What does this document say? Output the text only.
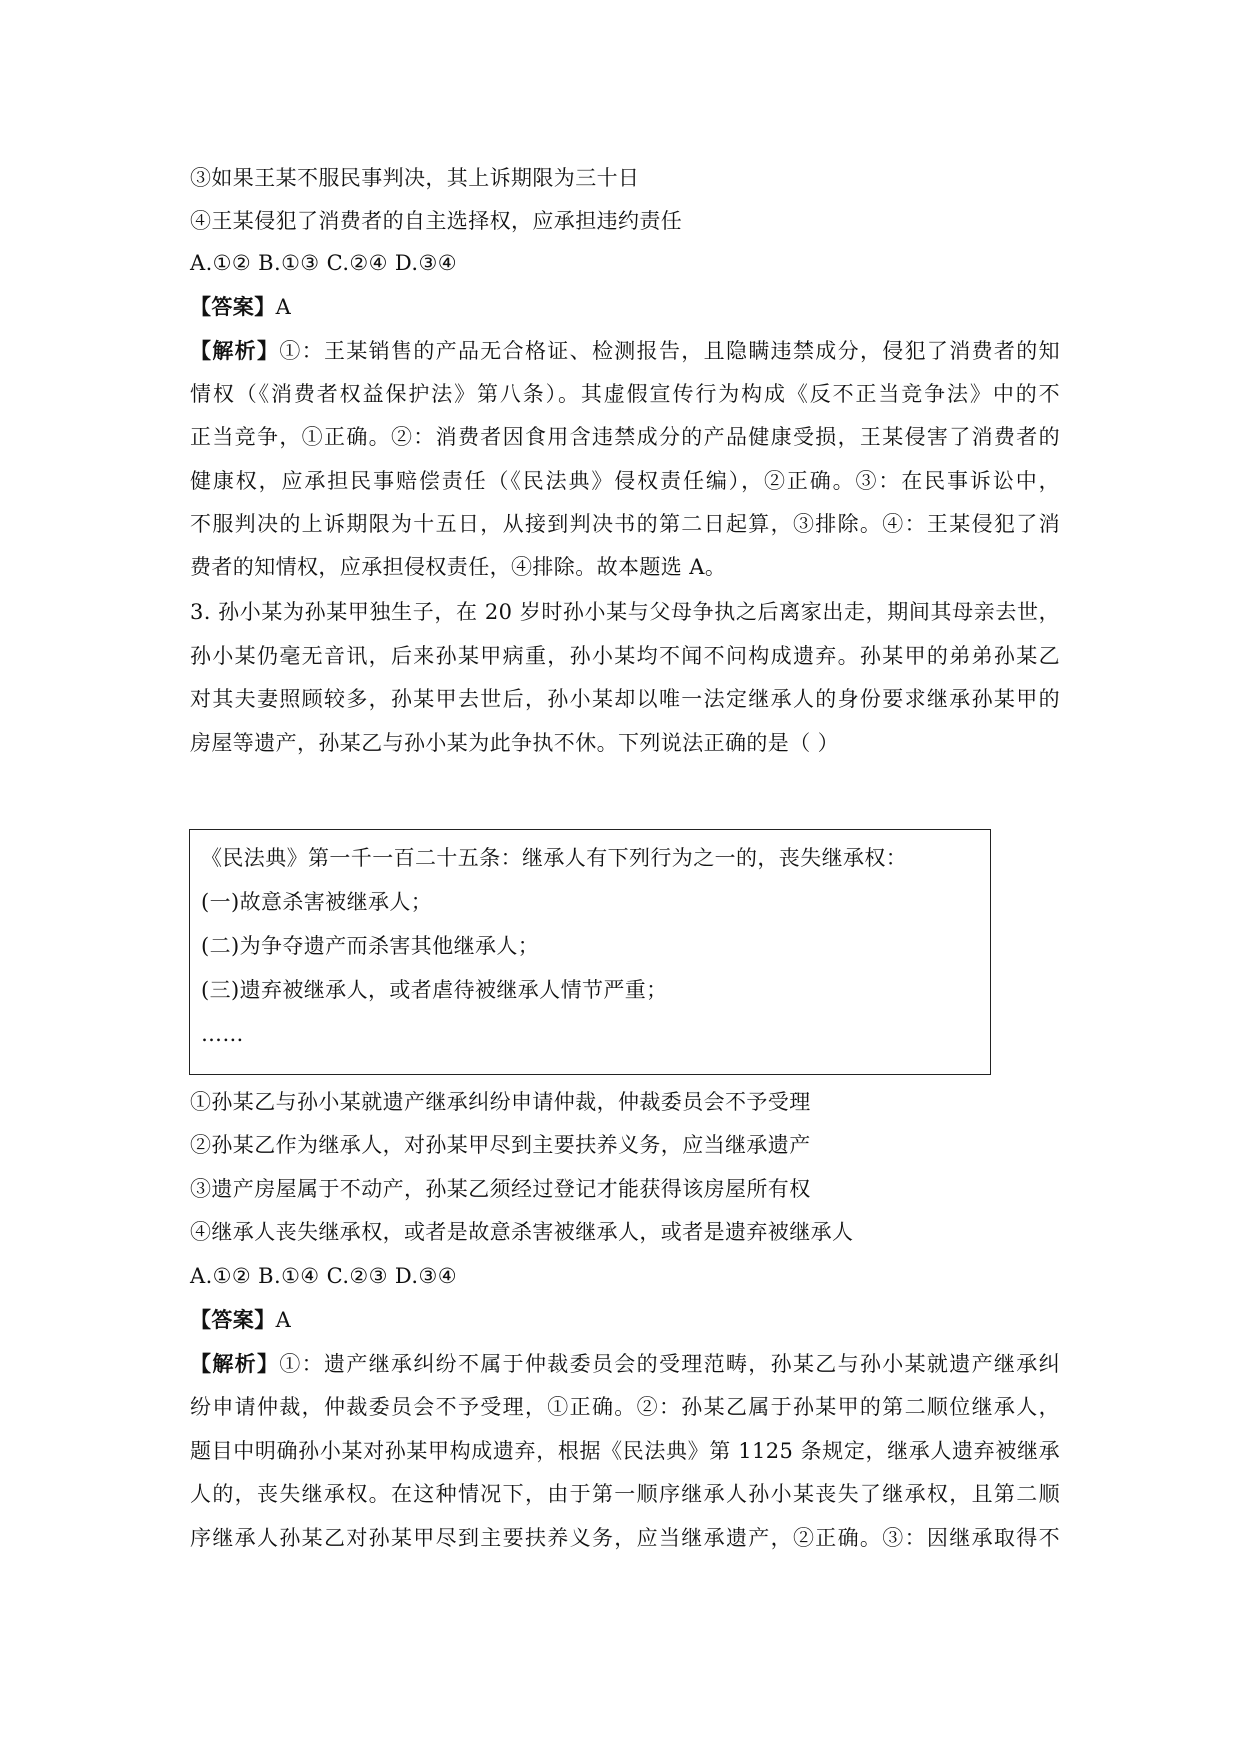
③如果王某不服民事判决，其上诉期限为三十日
④王某侵犯了消费者的自主选择权，应承担违约责任
A.①② B.①③ C.②④ D.③④
【答案】A
【解析】①：王某销售的产品无合格证、检测报告，且隐瞒违禁成分，侵犯了消费者的知
情权（《消费者权益保护法》第八条）。其虚假宣传行为构成《反不正当竞争法》中的不
正当竞争，①正确。②：消费者因食用含违禁成分的产品健康受损，王某侵害了消费者的
健康权，应承担民事赔偿责任（《民法典》侵权责任编），②正确。③：在民事诉讼中，
不服判决的上诉期限为十五日，从接到判决书的第二日起算，③排除。④：王某侵犯了消
费者的知情权，应承担侵权责任，④排除。故本题选 A。
3. 孙小某为孙某甲独生子，在 20 岁时孙小某与父母争执之后离家出走，期间其母亲去世，
孙小某仍毫无音讯，后来孙某甲病重，孙小某均不闻不问构成遗弃。孙某甲的弟弟孙某乙
对其夫妻照顾较多，孙某甲去世后，孙小某却以唯一法定继承人的身份要求继承孙某甲的
房屋等遗产，孙某乙与孙小某为此争执不休。下列说法正确的是（ ）
《民法典》第一千一百二十五条：继承人有下列行为之一的，丧失继承权：
(一)故意杀害被继承人；
(二)为争夺遗产而杀害其他继承人；
(三)遗弃被继承人，或者虐待被继承人情节严重；
……
①孙某乙与孙小某就遗产继承纠纷申请仲裁，仲裁委员会不予受理
②孙某乙作为继承人，对孙某甲尽到主要扶养义务，应当继承遗产
③遗产房屋属于不动产，孙某乙须经过登记才能获得该房屋所有权
④继承人丧失继承权，或者是故意杀害被继承人，或者是遗弃被继承人
A.①② B.①④ C.②③ D.③④
【答案】A
【解析】①：遗产继承纠纷不属于仲裁委员会的受理范畴，孙某乙与孙小某就遗产继承纠
纷申请仲裁，仲裁委员会不予受理，①正确。②：孙某乙属于孙某甲的第二顺位继承人，
题目中明确孙小某对孙某甲构成遗弃，根据《民法典》第 1125 条规定，继承人遗弃被继承
人的，丧失继承权。在这种情况下，由于第一顺序继承人孙小某丧失了继承权，且第二顺
序继承人孙某乙对孙某甲尽到主要扶养义务，应当继承遗产，②正确。③：因继承取得不
